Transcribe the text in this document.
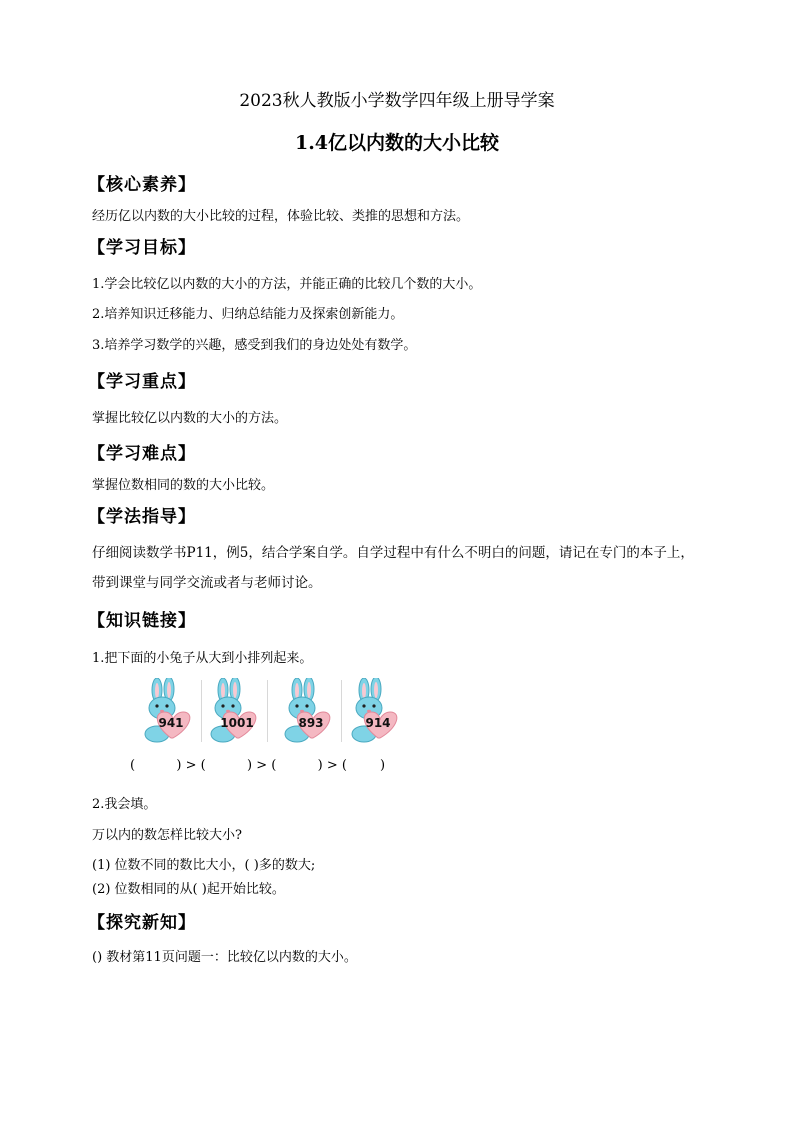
2023秋人教版小学数学四年级上册导学案
1.4亿以内数的大小比较
【核心素养】
经历亿以内数的大小比较的过程，体验比较、类推的思想和方法。
【学习目标】
1.学会比较亿以内数的大小的方法，并能正确的比较几个数的大小。
2.培养知识迁移能力、归纳总结能力及探索创新能力。
3.培养学习数学的兴趣，感受到我们的身边处处有数学。
【学习重点】
掌握比较亿以内数的大小的方法。
【学习难点】
掌握位数相同的数的大小比较。
【学法指导】
仔细阅读数学书P11，例5，结合学案自学。自学过程中有什么不明白的问题，请记在专门的本子上，
带到课堂与同学交流或者与老师讨论。
【知识链接】
1.把下面的小兔子从大到小排列起来。
941	1001	893	914
(          ) > (          ) > (          ) > (        )
2.我会填。
万以内的数怎样比较大小?
(1) 位数不同的数比大小，( )多的数大;
(2) 位数相同的从( )起开始比较。
【探究新知】
() 教材第11页问题一：比较亿以内数的大小。
